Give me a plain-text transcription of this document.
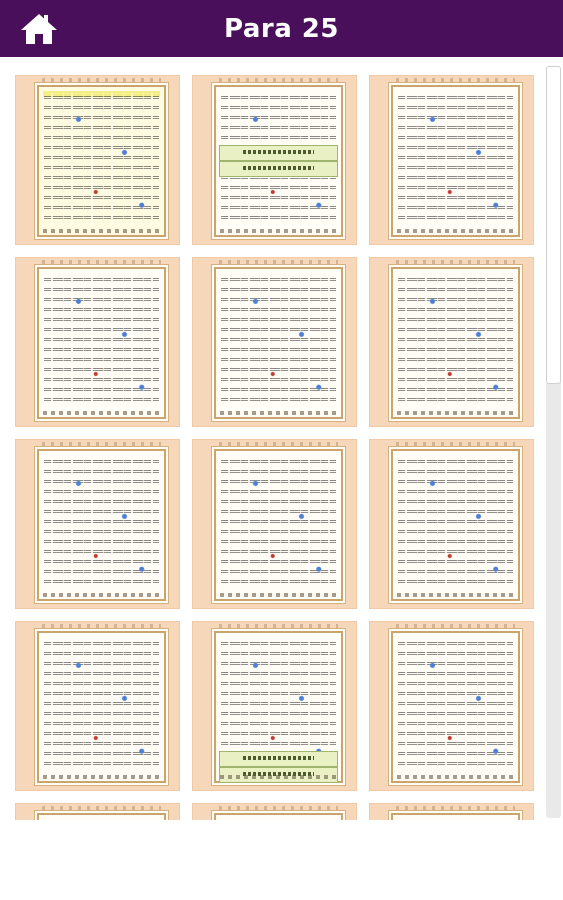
Para 25
